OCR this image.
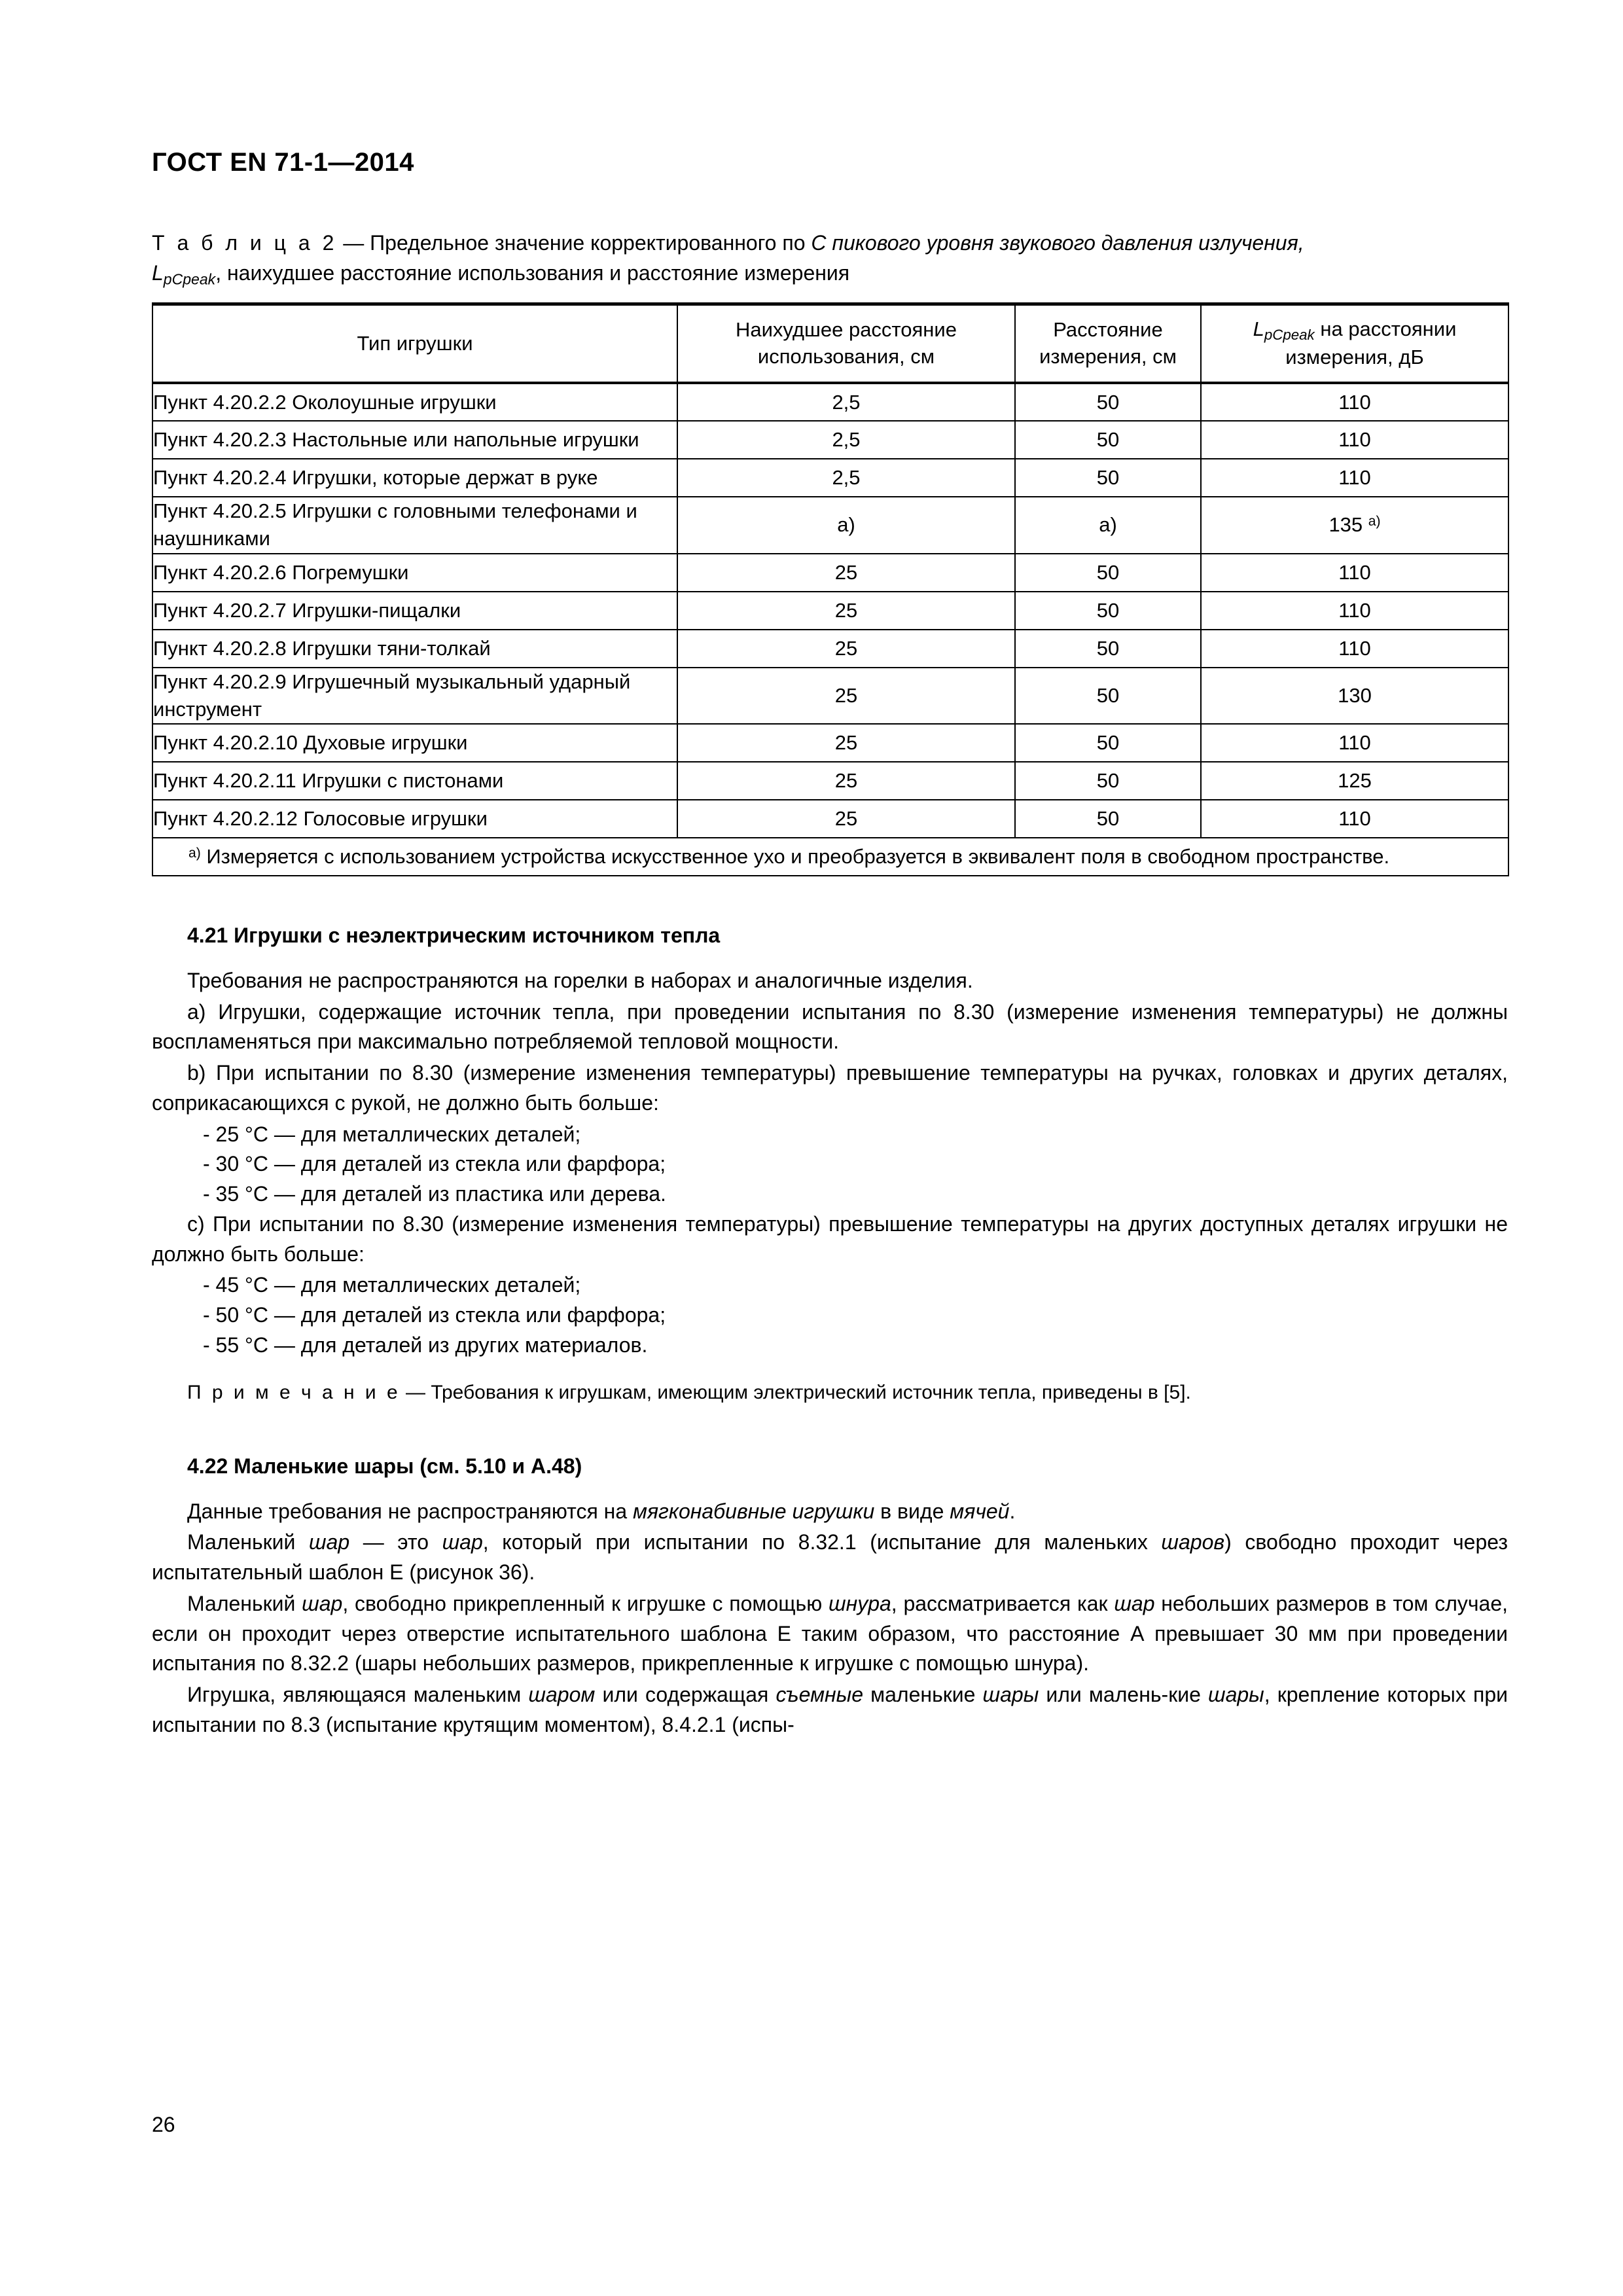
ГОСТ EN 71-1—2014
Т а б л и ц а 2 — Предельное значение корректированного по С пикового уровня звукового давления излучения,
$L_{pCpeak}$, наихудшее расстояние использования и расстояние измерения
Тип игрушки	Наихудшее расстояние использования, см	Расстояние измерения, см	$L_{pCpeak}$ на расстоянии измерения, дБ
Пункт 4.20.2.2 Околоушные игрушки	2,5	50	110
Пункт 4.20.2.3 Настольные или напольные игрушки	2,5	50	110
Пункт 4.20.2.4 Игрушки, которые держат в руке	2,5	50	110
Пункт 4.20.2.5 Игрушки с головными телефонами и наушниками	a)	a)	135 $^{a)}$
Пункт 4.20.2.6 Погремушки	25	50	110
Пункт 4.20.2.7 Игрушки-пищалки	25	50	110
Пункт 4.20.2.8 Игрушки тяни-толкай	25	50	110
Пункт 4.20.2.9 Игрушечный музыкальный ударный инструмент	25	50	130
Пункт 4.20.2.10 Духовые игрушки	25	50	110
Пункт 4.20.2.11 Игрушки с пистонами	25	50	125
Пункт 4.20.2.12 Голосовые игрушки	25	50	110
$^{a)}$ Измеряется с использованием устройства искусственное ухо и преобразуется в эквивалент поля в свободном пространстве.			
4.21 Игрушки с неэлектрическим источником тепла

Требования не распространяются на горелки в наборах и аналогичные изделия.

a) Игрушки, содержащие источник тепла, при проведении испытания по 8.30 (измерение изменения температуры) не должны воспламеняться при максимально потребляемой тепловой мощности.

b) При испытании по 8.30 (измерение изменения температуры) превышение температуры на ручках, головках и других деталях, соприкасающихся с рукой, не должно быть больше:

- 25 °C — для металлических деталей;

- 30 °C — для деталей из стекла или фарфора;

- 35 °C — для деталей из пластика или дерева.

c) При испытании по 8.30 (измерение изменения температуры) превышение температуры на других доступных деталях игрушки не должно быть больше:

- 45 °C — для металлических деталей;

- 50 °C — для деталей из стекла или фарфора;

- 55 °C — для деталей из других материалов.

П р и м е ч а н и е — Требования к игрушкам, имеющим электрический источник тепла, приведены в [5].

4.22 Маленькие шары (см. 5.10 и А.48)

Данные требования не распространяются на мягконабивные игрушки в виде мячей.

Маленький шар — это шар, который при испытании по 8.32.1 (испытание для маленьких шаров) свободно проходит через испытательный шаблон Е (рисунок 36).

Маленький шар, свободно прикрепленный к игрушке с помощью шнура, рассматривается как шар небольших размеров в том случае, если он проходит через отверстие испытательного шаблона Е таким образом, что расстояние А превышает 30 мм при проведении испытания по 8.32.2 (шары небольших размеров, прикрепленные к игрушке с помощью шнура).

Игрушка, являющаяся маленьким шаром или содержащая съемные маленькие шары или малень-кие шары, крепление которых при испытании по 8.3 (испытание крутящим моментом), 8.4.2.1 (испы-

26
